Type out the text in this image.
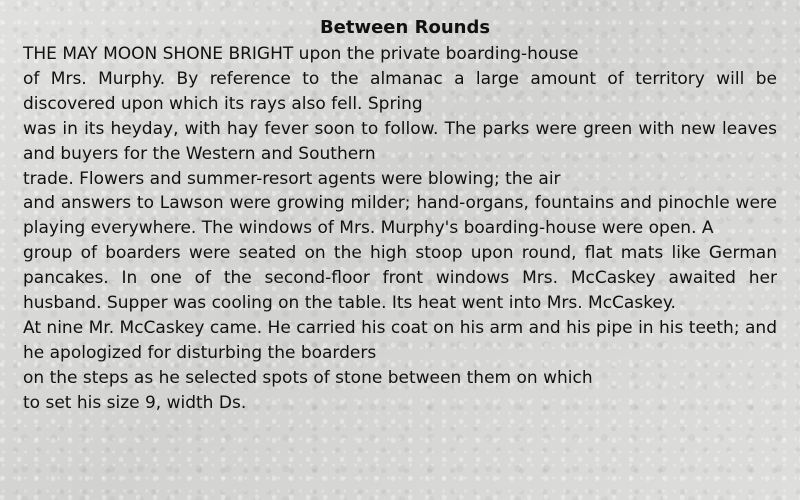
Between Rounds

THE MAY MOON SHONE BRIGHT upon the private boarding-house

of Mrs. Murphy. By reference to the almanac a large amount of territory will be discovered upon which its rays also fell. Spring

was in its heyday, with hay fever soon to follow. The parks were green with new leaves and buyers for the Western and Southern

trade. Flowers and summer-resort agents were blowing; the air

and answers to Lawson were growing milder; hand-organs, fountains and pinochle were playing everywhere. The windows of Mrs. Murphy's boarding-house were open. A

group of boarders were seated on the high stoop upon round, flat mats like German pancakes. In one of the second-floor front windows Mrs. McCaskey awaited her husband. Supper was cooling on the table. Its heat went into Mrs. McCaskey.

At nine Mr. McCaskey came. He carried his coat on his arm and his pipe in his teeth; and he apologized for disturbing the boarders

on the steps as he selected spots of stone between them on which

to set his size 9, width Ds.
